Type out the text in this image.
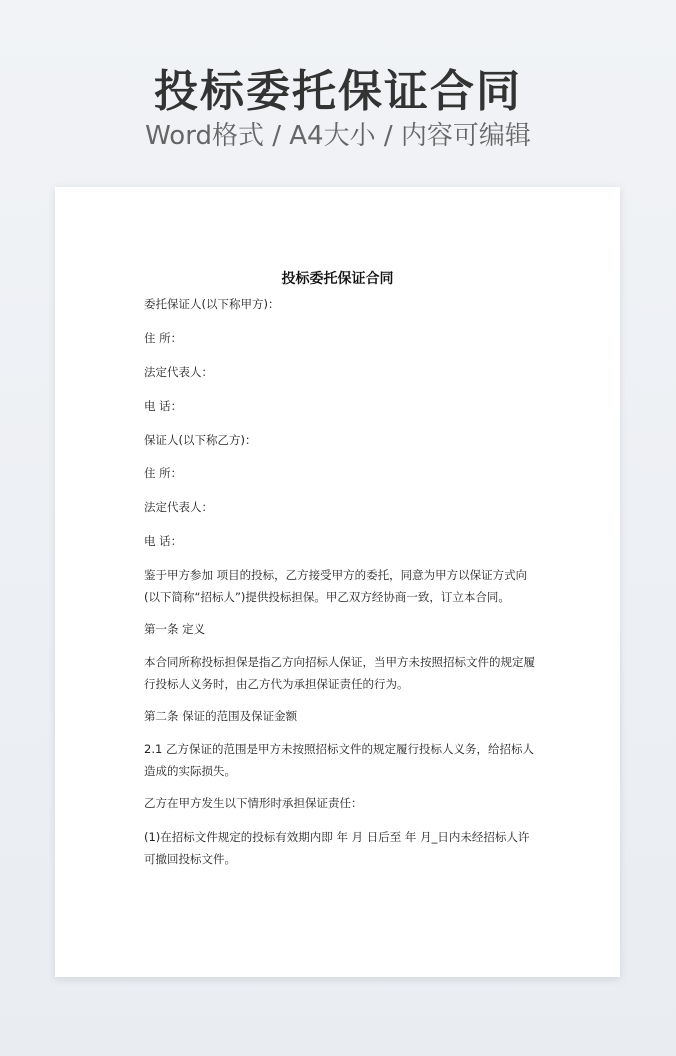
投标委托保证合同
Word格式 / A4大小 / 内容可编辑
投标委托保证合同
委托保证人(以下称甲方)：
住 所：
法定代表人：
电 话：
保证人(以下称乙方)：
住 所：
法定代表人：
电 话：
鉴于甲方参加 项目的投标，乙方接受甲方的委托，同意为甲方以保证方式向 (以下简称“招标人”)提供投标担保。甲乙双方经协商一致，订立本合同。
第一条 定义
本合同所称投标担保是指乙方向招标人保证，当甲方未按照招标文件的规定履行投标人义务时，由乙方代为承担保证责任的行为。
第二条 保证的范围及保证金额
2.1 乙方保证的范围是甲方未按照招标文件的规定履行投标人义务，给招标人造成的实际损失。
乙方在甲方发生以下情形时承担保证责任：
(1)在招标文件规定的投标有效期内即 年 月 日后至 年 月_日内未经招标人许可撤回投标文件。
